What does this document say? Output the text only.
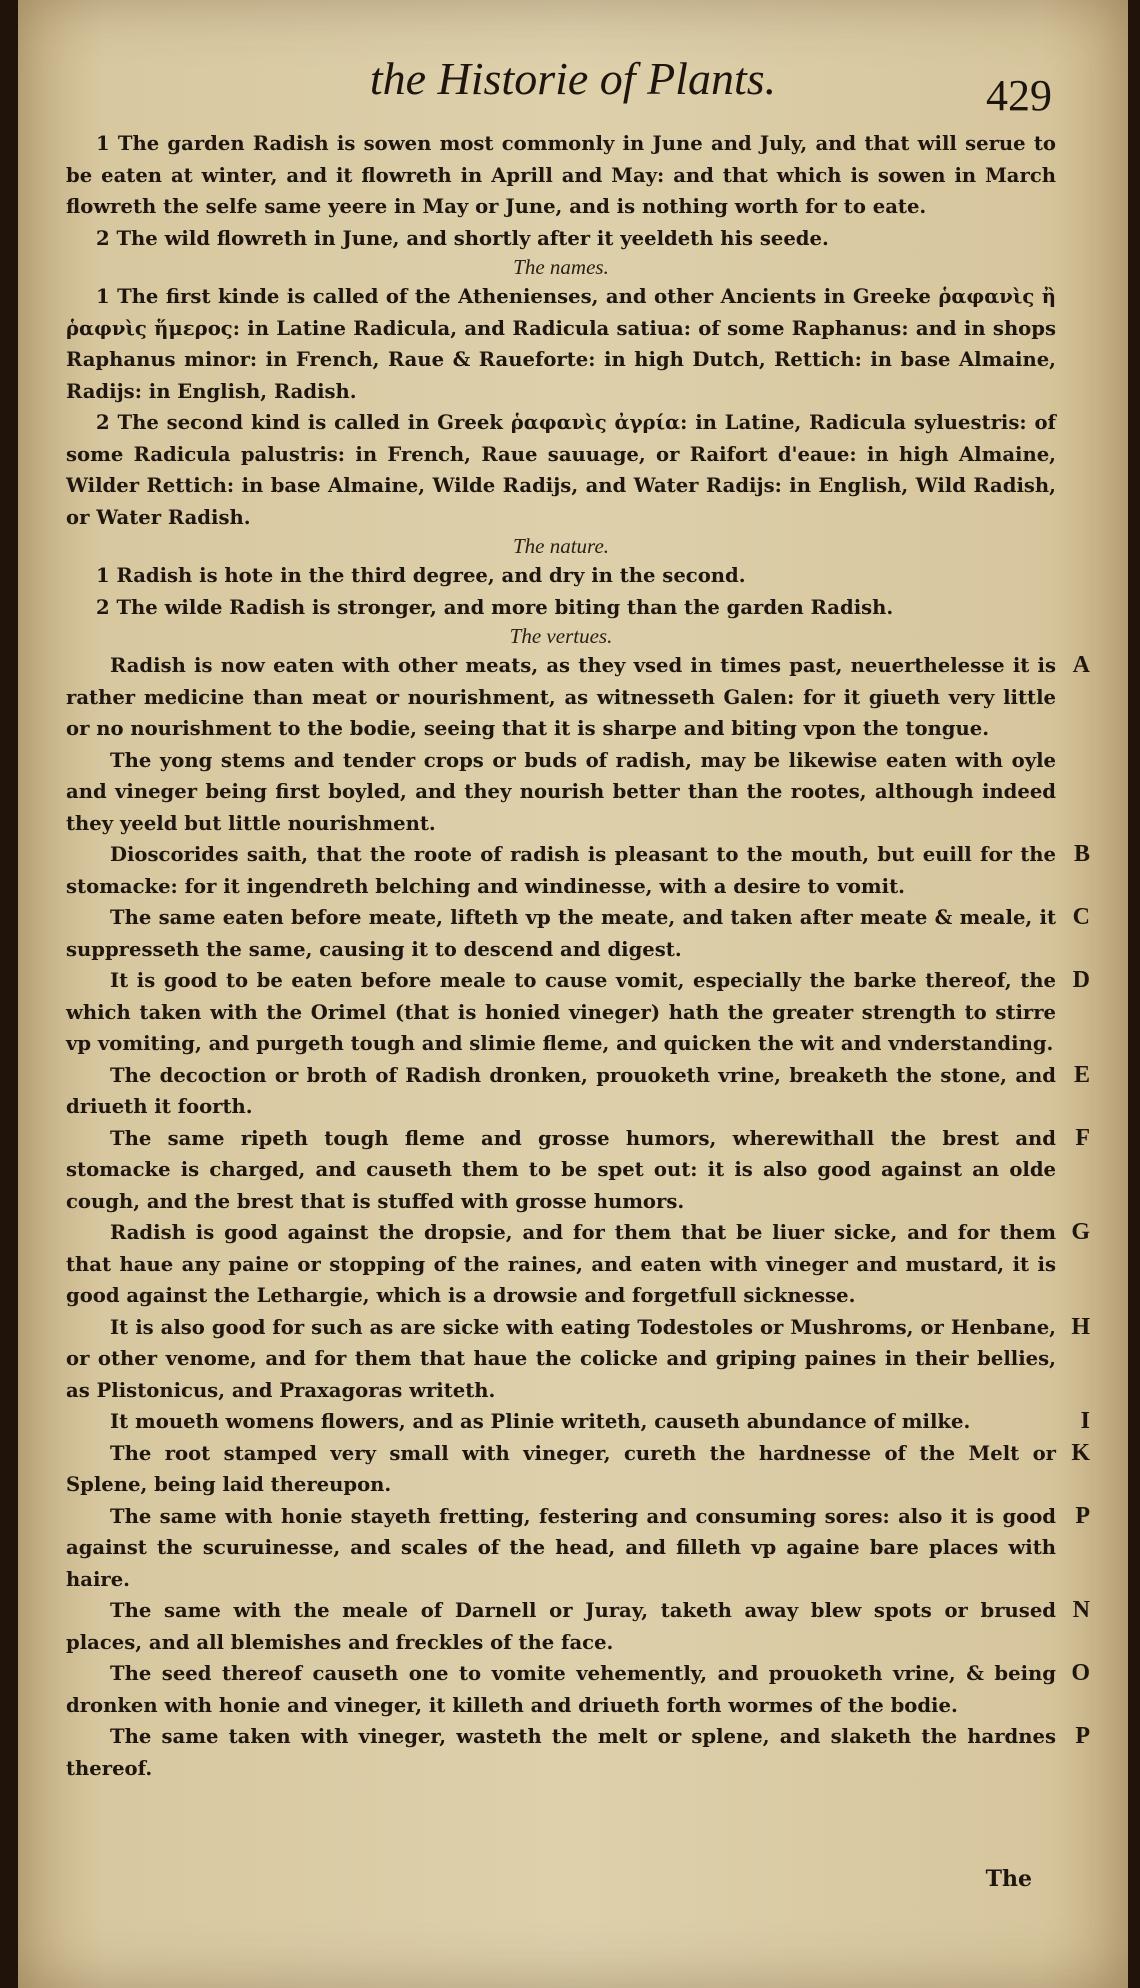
the Historie of Plants.	429

1 The garden Radish is sowen most commonly in June and July, and that will serue to be eaten at winter, and it flowreth in Aprill and May: and that which is sowen in March flowreth the selfe same yeere in May or June, and is nothing worth for to eate.

2 The wild flowreth in June, and shortly after it yeeldeth his seede.

The names.

1 The first kinde is called of the Athenienses, and other Ancients in Greeke ῥαφανὶς ἢ ῥαφνὶς ἥμερος: in Latine Radicula, and Radicula satiua: of some Raphanus: and in shops Raphanus minor: in French, Raue & Raueforte: in high Dutch, Rettich: in base Almaine, Radijs: in English, Radish.

2 The second kind is called in Greek ῥαφανὶς ἀγρία: in Latine, Radicula syluestris: of some Radicula palustris: in French, Raue sauuage, or Raifort d'eaue: in high Almaine, Wilder Rettich: in base Almaine, Wilde Radijs, and Water Radijs: in English, Wild Radish, or Water Radish.

The nature.

1 Radish is hote in the third degree, and dry in the second.

2 The wilde Radish is stronger, and more biting than the garden Radish.

The vertues.

Radish is now eaten with other meats, as they vsed in times past, neuerthelesse it is rather medicine than meat or nourishment, as witnesseth Galen: for it giueth very little or no nourishment to the bodie, seeing that it is sharpe and biting vpon the tongue.
A

The yong stems and tender crops or buds of radish, may be likewise eaten with oyle and vineger being first boyled, and they nourish better than the rootes, although indeed they yeeld but little nourishment.

Dioscorides saith, that the roote of radish is pleasant to the mouth, but euill for the stomacke: for it ingendreth belching and windinesse, with a desire to vomit.
B

The same eaten before meate, lifteth vp the meate, and taken after meate & meale, it suppresseth the same, causing it to descend and digest.
C

It is good to be eaten before meale to cause vomit, especially the barke thereof, the which taken with the Orimel (that is honied vineger) hath the greater strength to stirre vp vomiting, and purgeth tough and slimie fleme, and quicken the wit and vnderstanding.
D

The decoction or broth of Radish dronken, prouoketh vrine, breaketh the stone, and driueth it foorth.
E

The same ripeth tough fleme and grosse humors, wherewithall the brest and stomacke is charged, and causeth them to be spet out: it is also good against an olde cough, and the brest that is stuffed with grosse humors.
F

Radish is good against the dropsie, and for them that be liuer sicke, and for them that haue any paine or stopping of the raines, and eaten with vineger and mustard, it is good against the Lethargie, which is a drowsie and forgetfull sicknesse.
G

It is also good for such as are sicke with eating Todestoles or Mushroms, or Henbane, or other venome, and for them that haue the colicke and griping paines in their bellies, as Plistonicus, and Praxagoras writeth.
H

It moueth womens flowers, and as Plinie writeth, causeth abundance of milke.	I

The root stamped very small with vineger, cureth the hardnesse of the Melt or Splene, being laid thereupon.
K

The same with honie stayeth fretting, festering and consuming sores: also it is good against the scuruinesse, and scales of the head, and filleth vp againe bare places with haire.
P

The same with the meale of Darnell or Juray, taketh away blew spots or brused places, and all blemishes and freckles of the face.
N

The seed thereof causeth one to vomite vehemently, and prouoketh vrine, & being dronken with honie and vineger, it killeth and driueth forth wormes of the bodie.
O

The same taken with vineger, wasteth the melt or splene, and slaketh the hardnes thereof.
P

The
